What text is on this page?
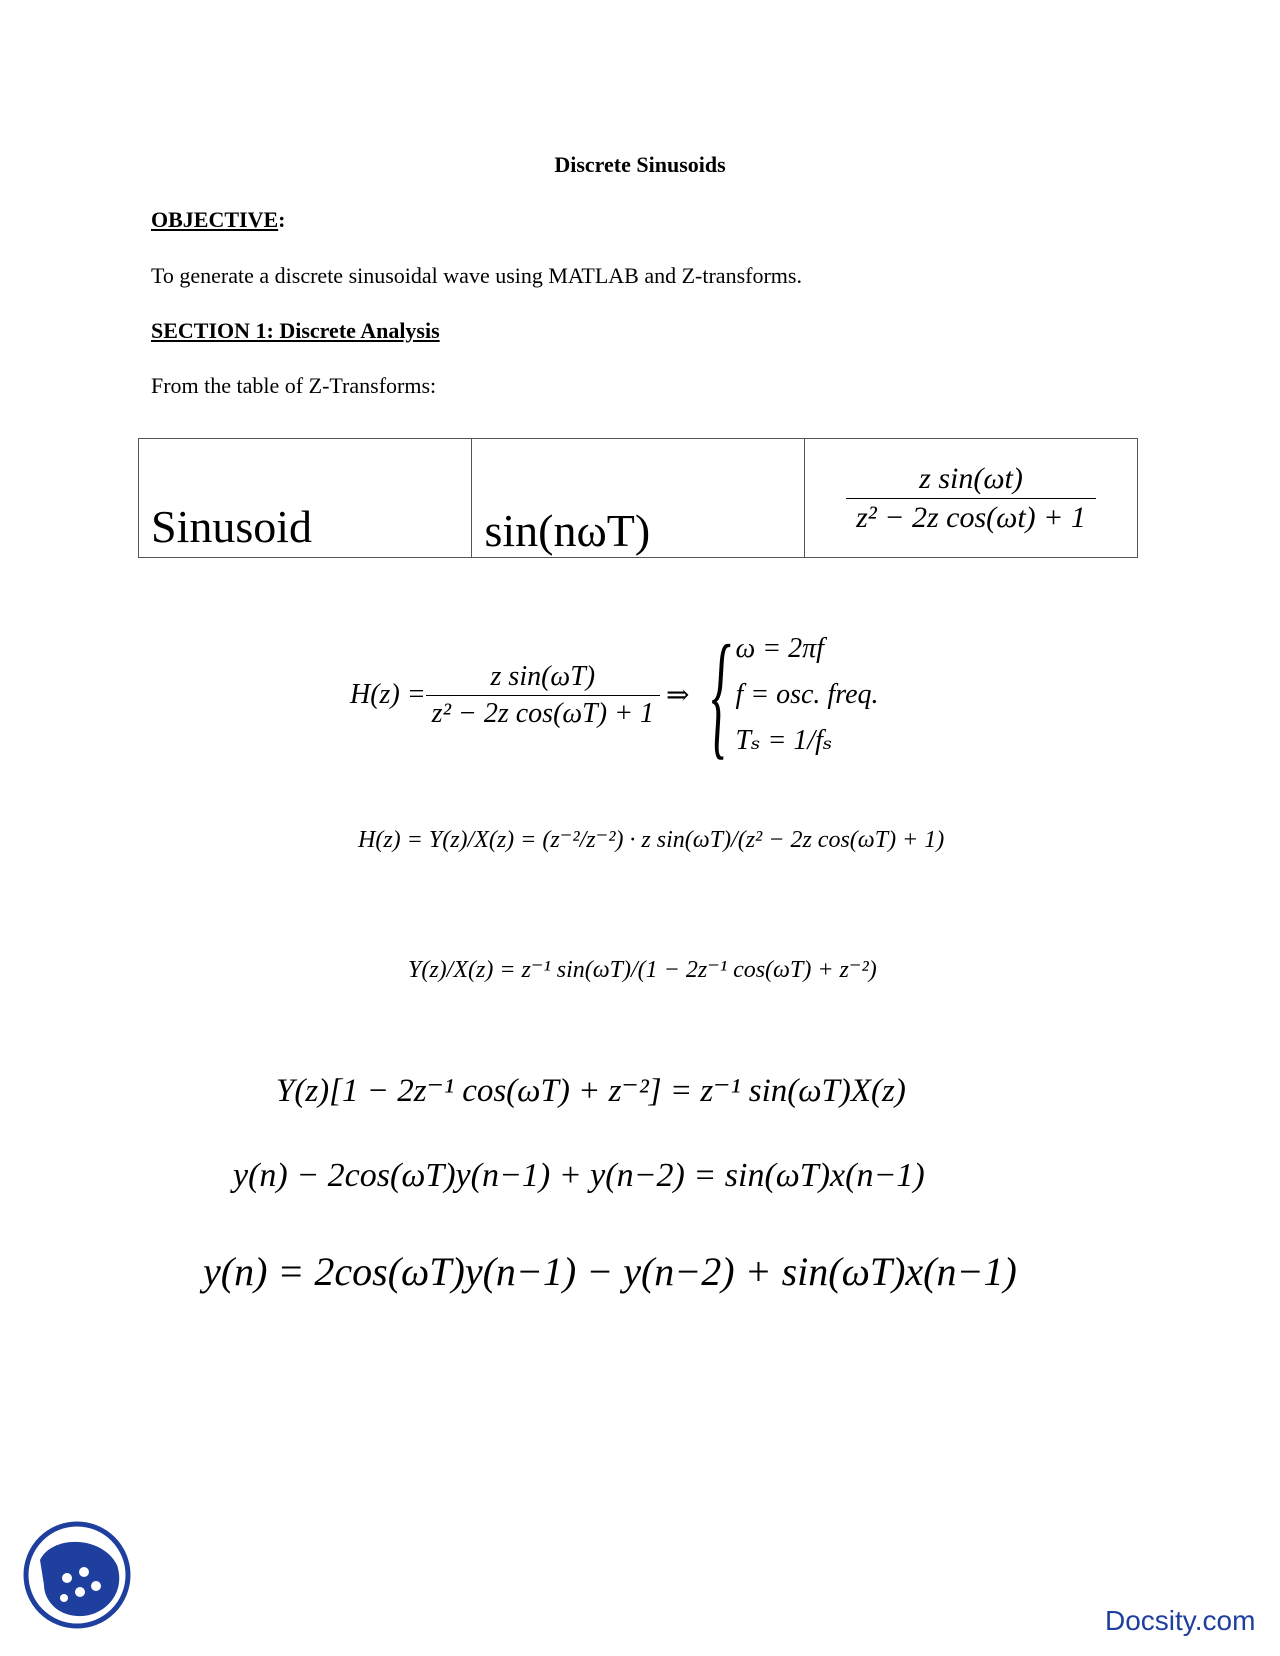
Discrete Sinusoids
OBJECTIVE:
To generate a discrete sinusoidal wave using MATLAB and Z-transforms.
SECTION 1: Discrete Analysis
From the table of Z-Transforms:
Sinusoid	sin(nωT)	$\frac{\text{z sin(ωt)}}{\text{z² − 2z cos(ωt) + 1}}$
$H(z) = \frac{\text{z sin(ωT)}}{\text{z² − 2z cos(ωT) + 1}}$ ⇒ { ω = 2πf
f = osc. freq.
Tₛ = 1/fₛ
H(z) = Y(z)/X(z) = (z⁻²/z⁻²) · z sin(ωT)/(z² − 2z cos(ωT) + 1)
Y(z)/X(z) = z⁻¹ sin(ωT)/(1 − 2z⁻¹ cos(ωT) + z⁻²)
Y(z)[1 − 2z⁻¹ cos(ωT) + z⁻²] = z⁻¹ sin(ωT)X(z)
y(n) − 2cos(ωT)y(n−1) + y(n−2) = sin(ωT)x(n−1)
y(n) = 2cos(ωT)y(n−1) − y(n−2) + sin(ωT)x(n−1)
Docsity.com
